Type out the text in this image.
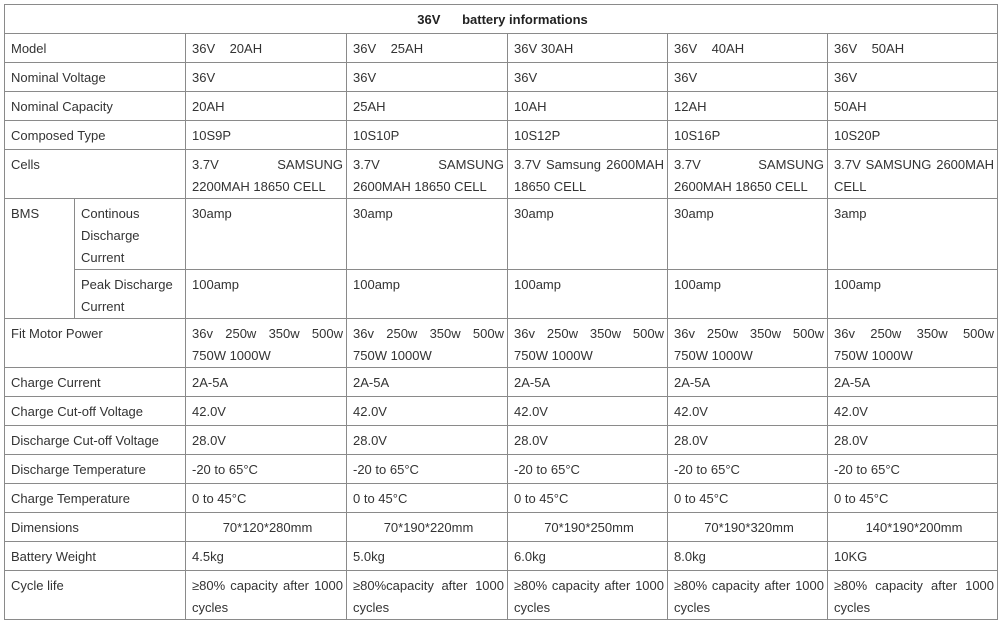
36V      battery informations						
Model		36V    20AH	36V    25AH	36V 30AH	36V    40AH	36V    50AH
Nominal Voltage		36V	36V	36V	36V	36V
Nominal Capacity		20AH	25AH	10AH	12AH	50AH
Composed Type		10S9P	10S10P	10S12P	10S16P	10S20P
Cells		3.7V SAMSUNG 2200MAH 18650 CELL	3.7V SAMSUNG 2600MAH 18650 CELL	3.7V Samsung 2600MAH 18650 CELL	3.7V SAMSUNG 2600MAH 18650 CELL	3.7V SAMSUNG 2600MAH CELL
BMS	Continous Discharge Current	30amp	30amp	30amp	30amp	3amp
	Peak Discharge Current	100amp	100amp	100amp	100amp	100amp
Fit Motor Power		36v 250w 350w 500w 750W 1000W	36v 250w 350w 500w 750W 1000W	36v 250w 350w 500w 750W 1000W	36v 250w 350w 500w 750W 1000W	36v 250w 350w 500w 750W 1000W
Charge Current		2A-5A	2A-5A	2A-5A	2A-5A	2A-5A
Charge Cut-off Voltage		42.0V	42.0V	42.0V	42.0V	42.0V
Discharge Cut-off Voltage		28.0V	28.0V	28.0V	28.0V	28.0V
Discharge Temperature		-20 to 65°C	-20 to 65°C	-20 to 65°C	-20 to 65°C	-20 to 65°C
Charge Temperature		0 to 45°C	0 to 45°C	0 to 45°C	0 to 45°C	0 to 45°C
Dimensions		70*120*280mm	70*190*220mm	70*190*250mm	70*190*320mm	140*190*200mm
Battery Weight		4.5kg	5.0kg	6.0kg	8.0kg	10KG
Cycle life		≥80% capacity after 1000 cycles	≥80%capacity after 1000 cycles	≥80% capacity after 1000 cycles	≥80% capacity after 1000 cycles	≥80% capacity after 1000 cycles
